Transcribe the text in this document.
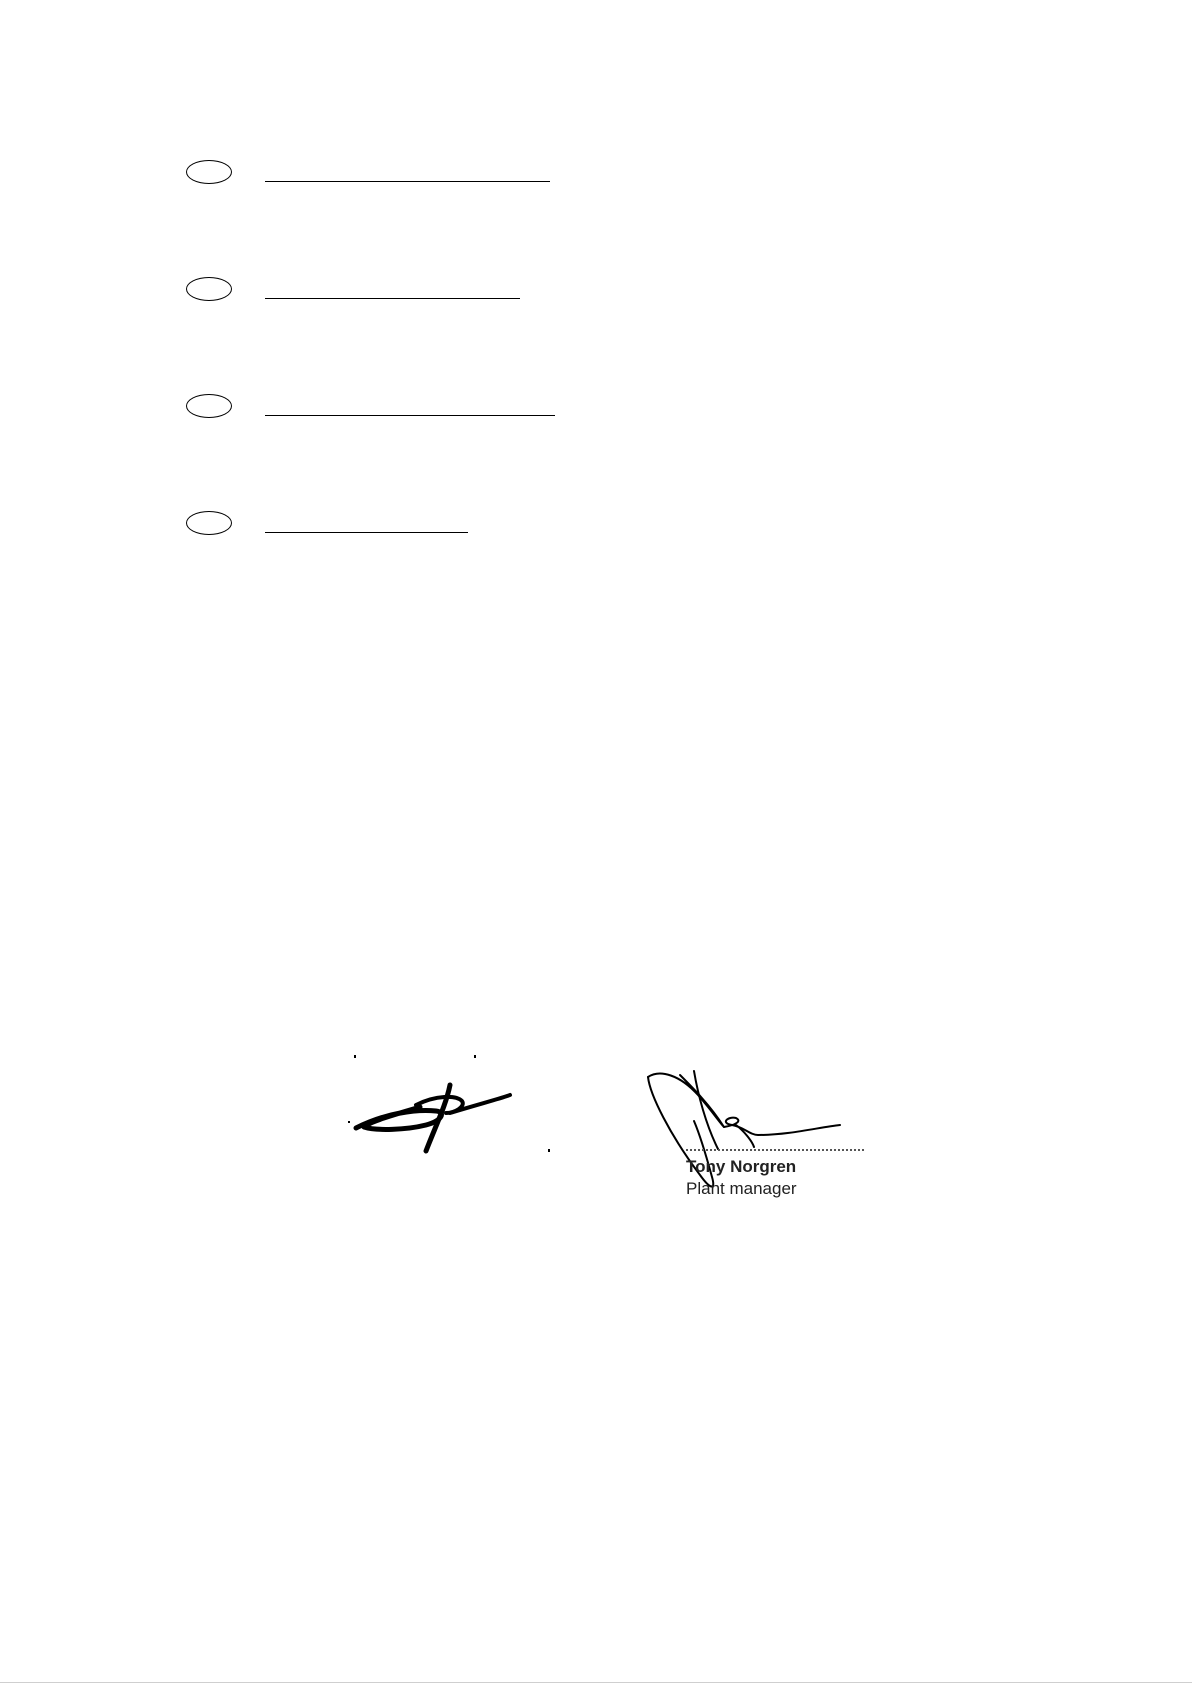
Tony Norgren
Plant manager
